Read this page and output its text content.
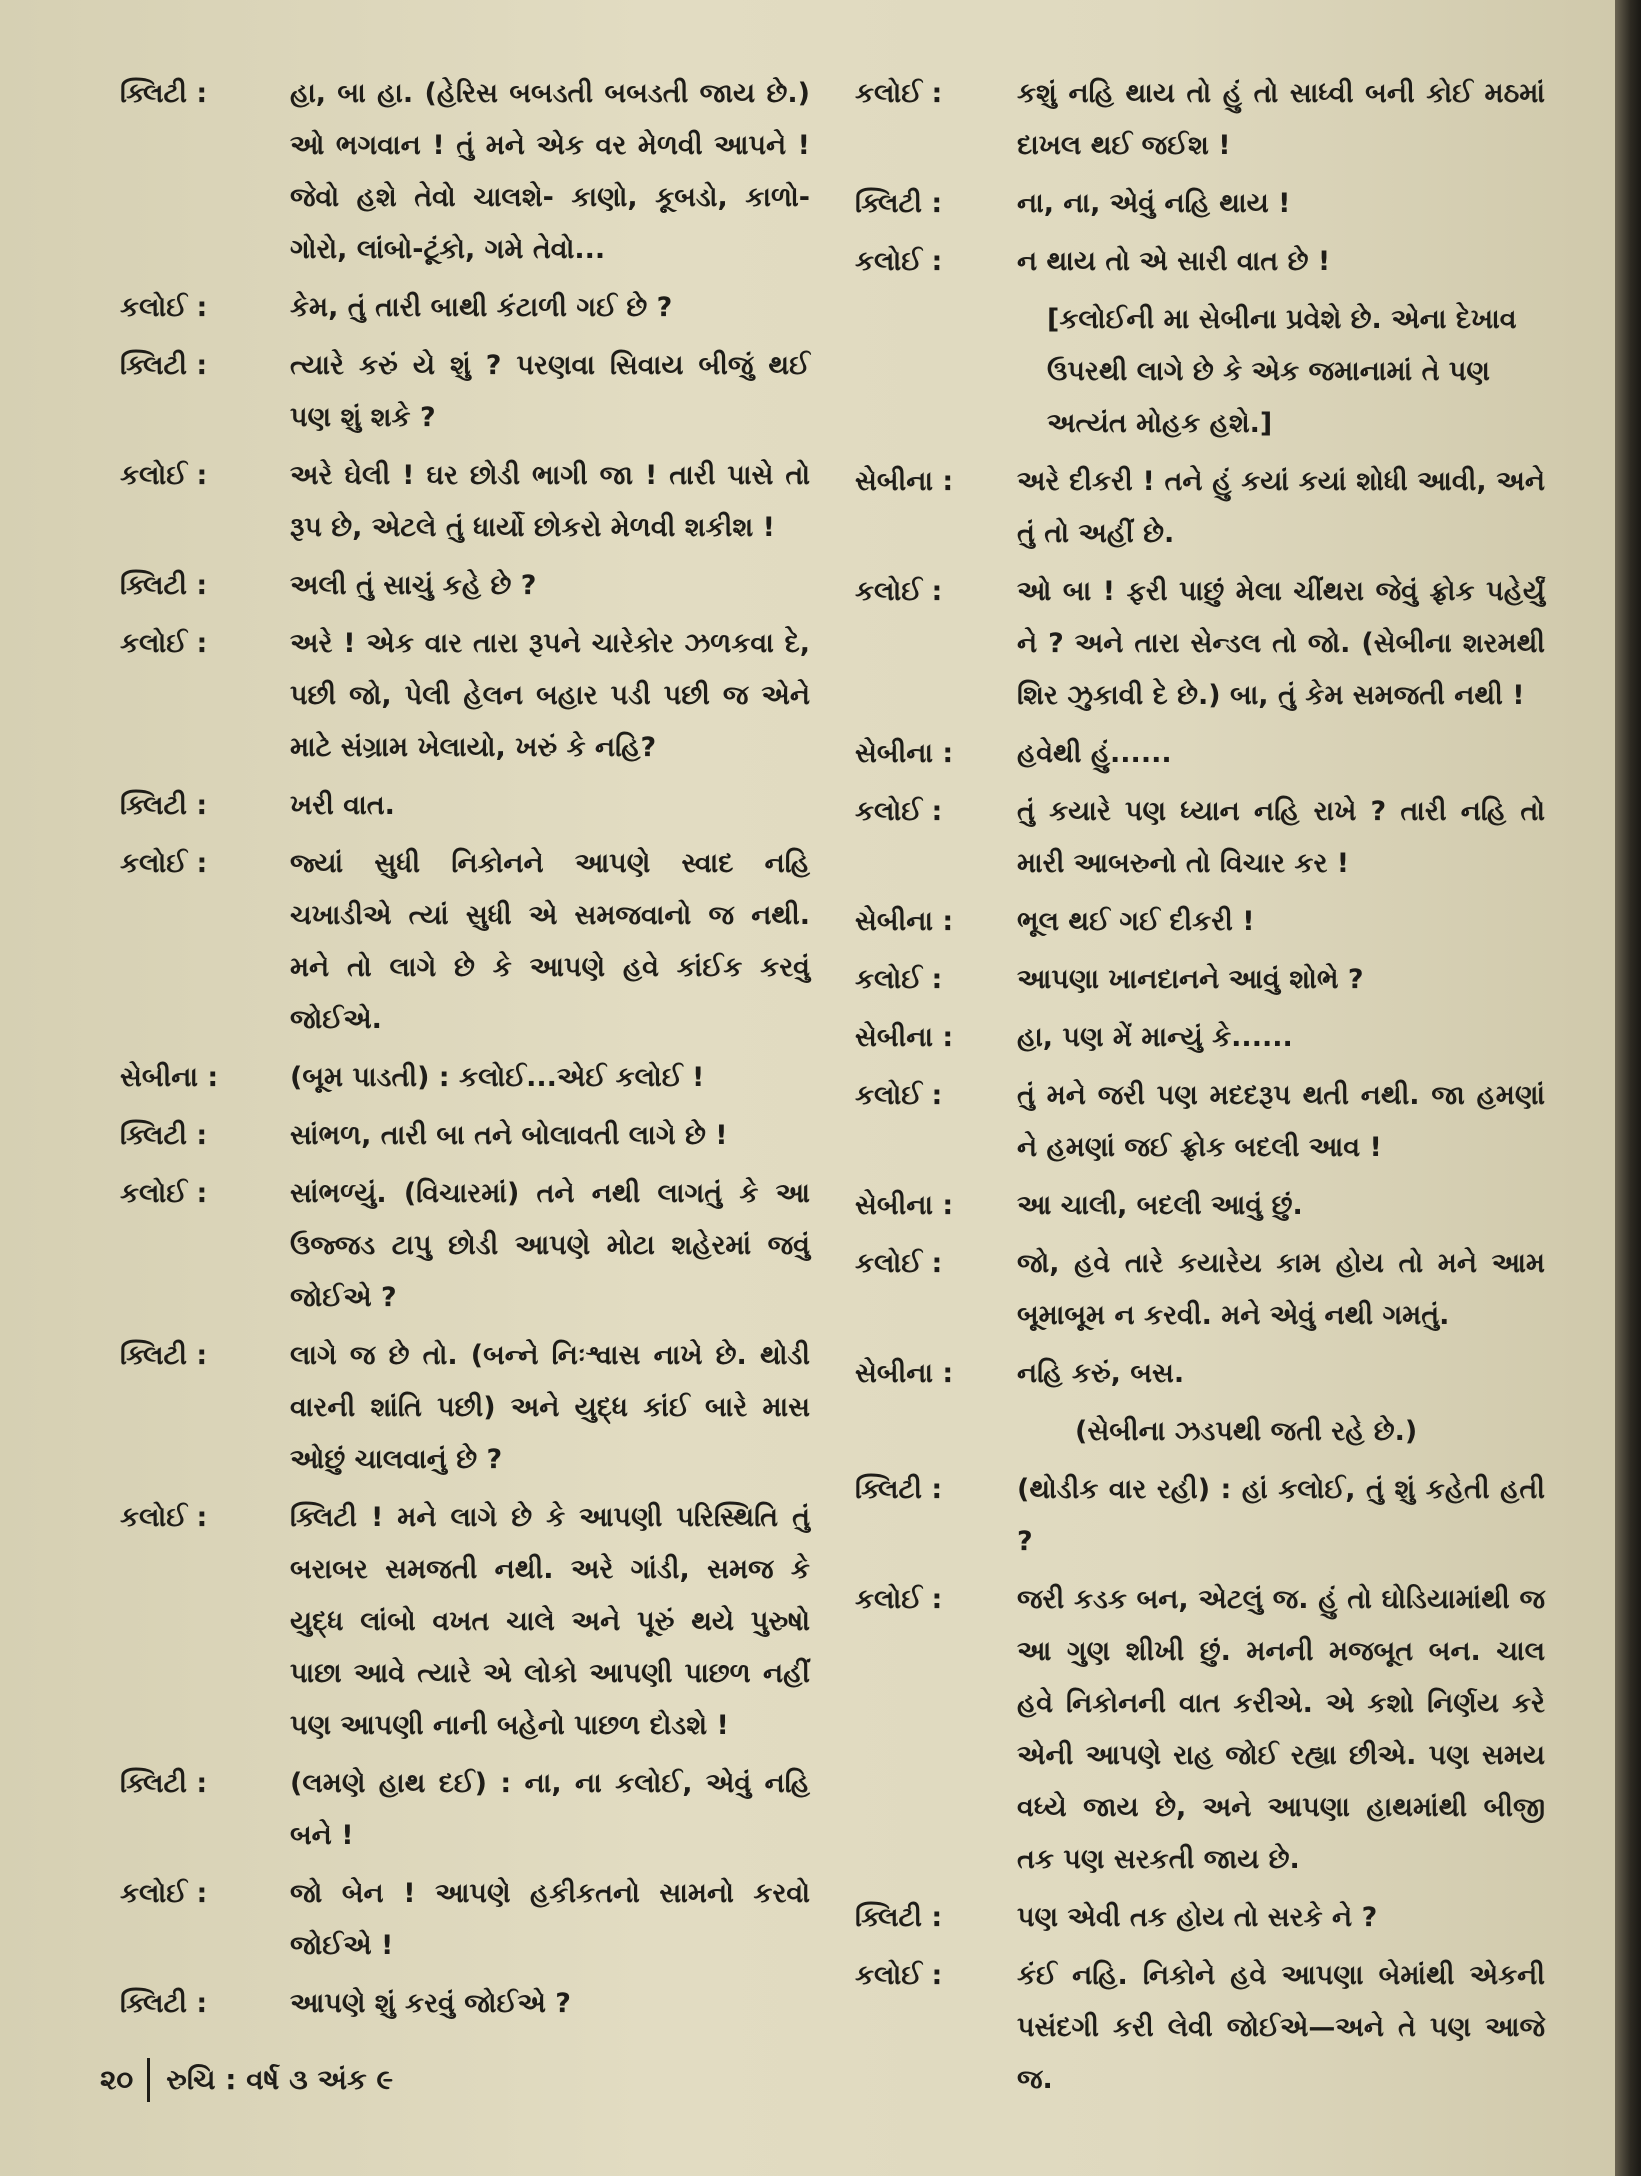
ક્લિટી :	હા, બા હા. (હેરિસ બબડતી બબડતી જાય છે.) ઓ ભગવાન ! તું મને એક વર મેળવી આપને ! જેવો હશે તેવો ચાલશે- કાણો, કૂબડો, કાળો-ગોરો, લાંબો-ટૂંકો, ગમે તેવો...
કલોઈ :	કેમ, તું તારી બાથી કંટાળી ગઈ છે ?
ક્લિટી :	ત્યારે કરું યે શું ? પરણવા સિવાય બીજું થઈ પણ શું શકે ?
કલોઈ :	અરે ઘેલી ! ઘર છોડી ભાગી જા ! તારી પાસે તો રૂપ છે, એટલે તું ધાર્યો છોકરો મેળવી શકીશ !
ક્લિટી :	અલી તું સાચું કહે છે ?
કલોઈ :	અરે ! એક વાર તારા રૂપને ચારેકોર ઝળકવા દે, પછી જો, પેલી હેલન બહાર પડી પછી જ એને માટે સંગ્રામ ખેલાયો, ખરું કે નહિ?
ક્લિટી :	ખરી વાત.
કલોઈ :	જ્યાં સુધી નિકોનને આપણે સ્વાદ નહિ ચખાડીએ ત્યાં સુધી એ સમજવાનો જ નથી. મને તો લાગે છે કે આપણે હવે કાંઈક કરવું જોઈએ.
સેબીના :	(બૂમ પાડતી) : કલોઈ...એઈ કલોઈ !
ક્લિટી :	સાંભળ, તારી બા તને બોલાવતી લાગે છે !
કલોઈ :	સાંભળ્યું. (વિચારમાં) તને નથી લાગતું કે આ ઉજ્જડ ટાપુ છોડી આપણે મોટા શહેરમાં જવું જોઈએ ?
ક્લિટી :	લાગે જ છે તો. (બન્ને નિઃશ્વાસ નાખે છે. થોડી વારની શાંતિ પછી) અને યુદ્ધ કાંઈ બારે માસ ઓછું ચાલવાનું છે ?
કલોઈ :	ક્લિટી ! મને લાગે છે કે આપણી પરિસ્થિતિ તું બરાબર સમજતી નથી. અરે ગાંડી, સમજ કે યુદ્ધ લાંબો વખત ચાલે અને પૂરું થયે પુરુષો પાછા આવે ત્યારે એ લોકો આપણી પાછળ નહીં પણ આપણી નાની બહેનો પાછળ દોડશે !
ક્લિટી :	(લમણે હાથ દઈ) : ના, ના કલોઈ, એવું નહિ બને !
કલોઈ :	જો બેન ! આપણે હકીકતનો સામનો કરવો જોઈએ !
ક્લિટી :	આપણે શું કરવું જોઈએ ?
કલોઈ :	કશું નહિ થાય તો હું તો સાધ્વી બની કોઈ મઠમાં દાખલ થઈ જઈશ !
ક્લિટી :	ના, ના, એવું નહિ થાય !
કલોઈ :	ન થાય તો એ સારી વાત છે !
[કલોઈની મા સેબીના પ્રવેશે છે. એના દેખાવ ઉપરથી લાગે છે કે એક જમાનામાં તે પણ અત્યંત મોહક હશે.]
સેબીના :	અરે દીકરી ! તને હું કયાં કયાં શોધી આવી, અને તું તો અહીં છે.
કલોઈ :	ઓ બા ! ફરી પાછું મેલા ચીંથરા જેવું ફ્રોક પહેર્યું ને ? અને તારા સેન્ડલ તો જો. (સેબીના શરમથી શિર ઝુકાવી દે છે.) બા, તું કેમ સમજતી નથી !
સેબીના :	હવેથી હું......
કલોઈ :	તું કયારે પણ ધ્યાન નહિ રાખે ? તારી નહિ તો મારી આબરુનો તો વિચાર કર !
સેબીના :	ભૂલ થઈ ગઈ દીકરી !
કલોઈ :	આપણા ખાનદાનને આવું શોભે ?
સેબીના :	હા, પણ મેં માન્યું કે......
કલોઈ :	તું મને જરી પણ મદદરૂપ થતી નથી. જા હમણાં ને હમણાં જઈ ફ્રોક બદલી આવ !
સેબીના :	આ ચાલી, બદલી આવું છું.
કલોઈ :	જો, હવે તારે કયારેય કામ હોય તો મને આમ બૂમાબૂમ ન કરવી. મને એવું નથી ગમતું.
સેબીના :	નહિ કરું, બસ.
(સેબીના ઝડપથી જતી રહે છે.)
ક્લિટી :	(થોડીક વાર રહી) : હાં કલોઈ, તું શું કહેતી હતી ?
કલોઈ :	જરી કડક બન, એટલું જ. હું તો ઘોડિયામાંથી જ આ ગુણ શીખી છું. મનની મજબૂત બન. ચાલ હવે નિકોનની વાત કરીએ. એ કશો નિર્ણય કરે એની આપણે રાહ જોઈ રહ્યા છીએ. પણ સમય વધ્યે જાય છે, અને આપણા હાથમાંથી બીજી તક પણ સરકતી જાય છે.
ક્લિટી :	પણ એવી તક હોય તો સરકે ને ?
કલોઈ :	કંઈ નહિ. નિકોને હવે આપણા બેમાંથી એકની પસંદગી કરી લેવી જોઈએ—અને તે પણ આજે જ.
૨૦ રુચિ : વર્ષ ૩ અંક ૯
